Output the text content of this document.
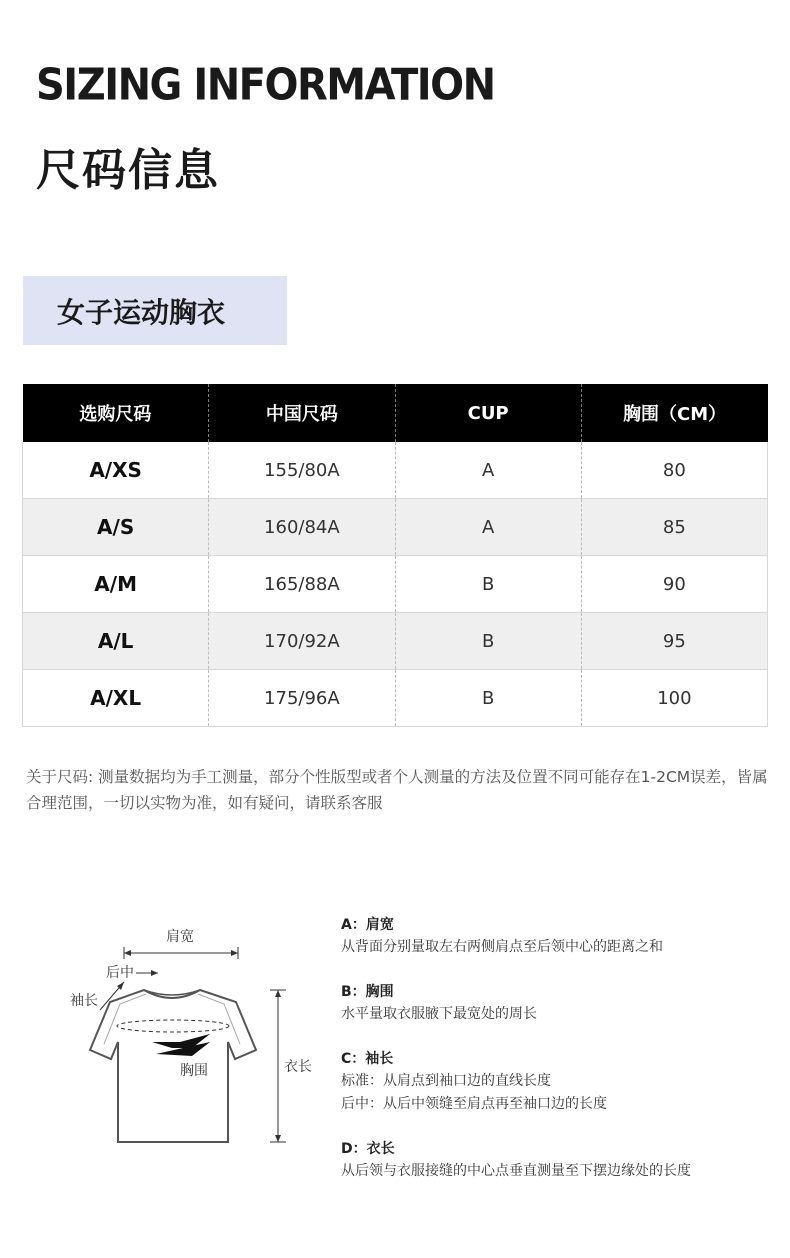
SIZING INFORMATION
尺码信息
女子运动胸衣
选购尺码	中国尺码	CUP	胸围（CM）
A/XS	155/80A	A	80
A/S	160/84A	A	85
A/M	165/88A	B	90
A/L	170/92A	B	95
A/XL	175/96A	B	100
关于尺码: 测量数据均为手工测量，部分个性版型或者个人测量的方法及位置不同可能存在1-2CM误差，皆属合理范围，一切以实物为准，如有疑问，请联系客服
肩宽
后中
袖长
胸围	衣长
A：肩宽
从背面分别量取左右两侧肩点至后领中心的距离之和
B：胸围
水平量取衣服腋下最宽处的周长
C：袖长
标准：从肩点到袖口边的直线长度
后中：从后中领缝至肩点再至袖口边的长度
D：衣长
从后领与衣服接缝的中心点垂直测量至下摆边缘处的长度
